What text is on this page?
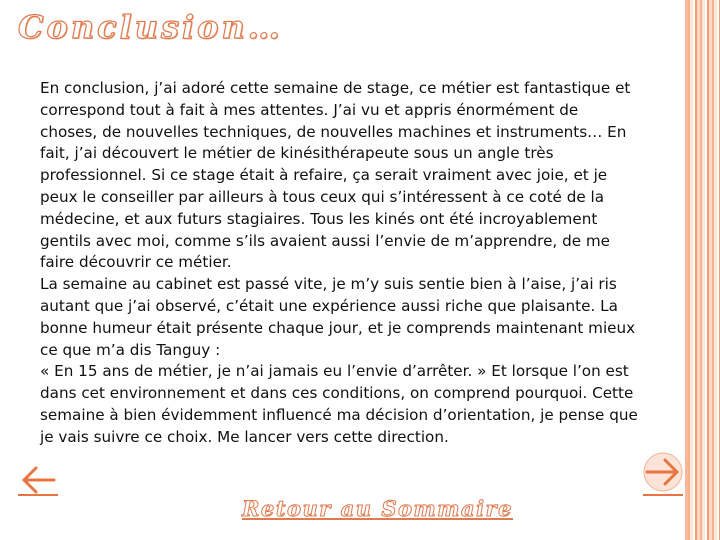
Conclusion…

En conclusion, j’ai adoré cette semaine de stage, ce métier est fantastique et correspond tout à fait à mes attentes. J’ai vu et appris énormément de choses, de nouvelles techniques, de nouvelles machines et instruments… En fait, j’ai découvert le métier de kinésithérapeute sous un angle très professionnel. Si ce stage était à refaire, ça serait vraiment avec joie, et je peux le conseiller par ailleurs à tous ceux qui s’intéressent à ce coté de la médecine, et aux futurs stagiaires. Tous les kinés ont été incroyablement gentils avec moi, comme s’ils avaient aussi l’envie de m’apprendre, de me faire découvrir ce métier.

La semaine au cabinet est passé vite, je m’y suis sentie bien à l’aise, j’ai ris autant que j’ai observé, c’était une expérience aussi riche que plaisante. La bonne humeur était présente chaque jour, et je comprends maintenant mieux ce que m’a dis Tanguy :

« En 15 ans de métier, je n’ai jamais eu l’envie d’arrêter. » Et lorsque l’on est dans cet environnement et dans ces conditions, on comprend pourquoi. Cette semaine à bien évidemment influencé ma décision d’orientation, je pense que je vais suivre ce choix. Me lancer vers cette direction.

Retour au Sommaire
